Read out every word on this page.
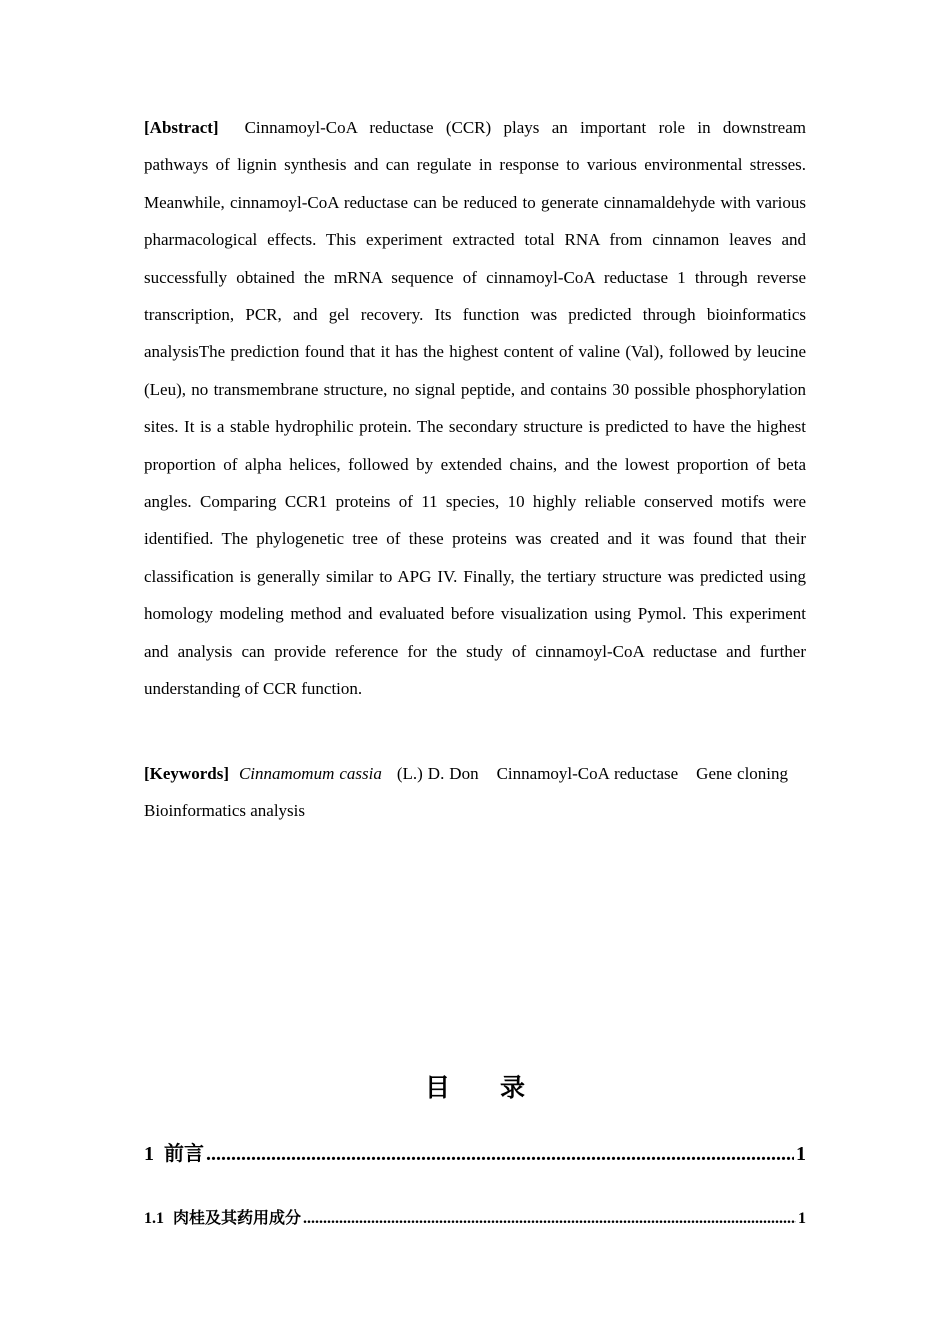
[Abstract] Cinnamoyl-CoA reductase (CCR) plays an important role in downstream pathways of lignin synthesis and can regulate in response to various environmental stresses. Meanwhile, cinnamoyl-CoA reductase can be reduced to generate cinnamaldehyde with various pharmacological effects. This experiment extracted total RNA from cinnamon leaves and successfully obtained the mRNA sequence of cinnamoyl-CoA reductase 1 through reverse transcription, PCR, and gel recovery. Its function was predicted through bioinformatics analysisThe prediction found that it has the highest content of valine (Val), followed by leucine (Leu), no transmembrane structure, no signal peptide, and contains 30 possible phosphorylation sites. It is a stable hydrophilic protein. The secondary structure is predicted to have the highest proportion of alpha helices, followed by extended chains, and the lowest proportion of beta angles. Comparing CCR1 proteins of 11 species, 10 highly reliable conserved motifs were identified. The phylogenetic tree of these proteins was created and it was found that their classification is generally similar to APG IV. Finally, the tertiary structure was predicted using homology modeling method and evaluated before visualization using Pymol. This experiment and analysis can provide reference for the study of cinnamoyl-CoA reductase and further understanding of CCR function.

[Keywords] Cinnamomum cassia (L.) D. Don Cinnamoyl-CoA reductase Gene cloningBioinformatics analysis

目 录
1 前言 .....	1
1.1 肉桂及其药用成分 .....	1
